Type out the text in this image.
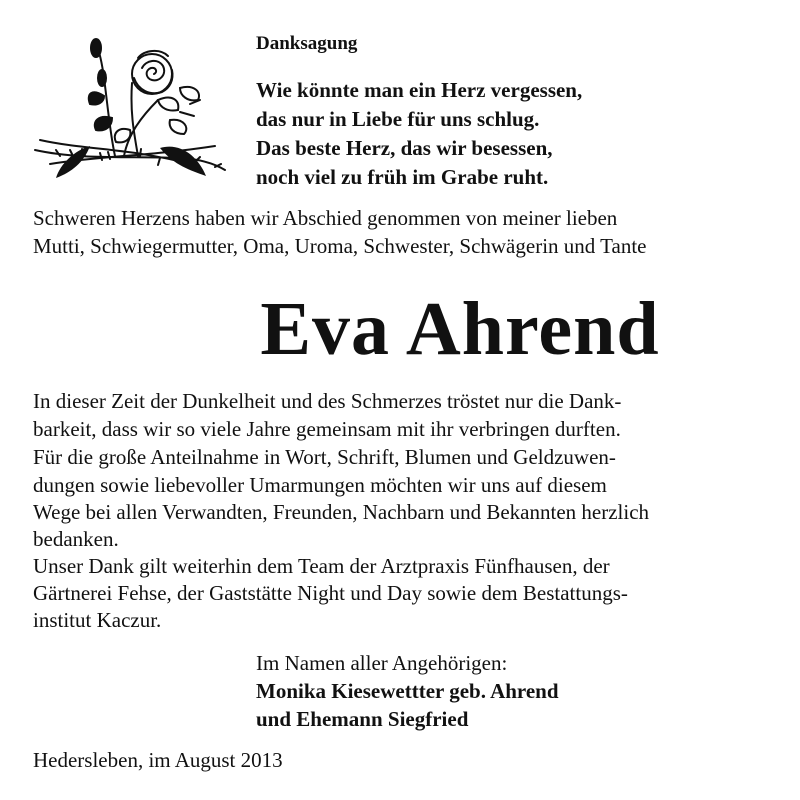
Danksagung
Wie könnte man ein Herz vergessen,
das nur in Liebe für uns schlug.
Das beste Herz, das wir besessen,
noch viel zu früh im Grabe ruht.
Schweren Herzens haben wir Abschied genommen von meiner lieben
Mutti, Schwiegermutter, Oma, Uroma, Schwester, Schwägerin und Tante
Eva Ahrend
In dieser Zeit der Dunkelheit und des Schmerzes tröstet nur die Dank-
barkeit, dass wir so viele Jahre gemeinsam mit ihr verbringen durften.
Für die große Anteilnahme in Wort, Schrift, Blumen und Geldzuwen-
dungen sowie liebevoller Umarmungen möchten wir uns auf diesem
Wege bei allen Verwandten, Freunden, Nachbarn und Bekannten herzlich
bedanken.
Unser Dank gilt weiterhin dem Team der Arztpraxis Fünfhausen, der
Gärtnerei Fehse, der Gaststätte Night und Day sowie dem Bestattungs-
institut Kaczur.
Im Namen aller Angehörigen:
Monika Kiesewettter geb. Ahrend
und Ehemann Siegfried
Hedersleben, im August 2013
